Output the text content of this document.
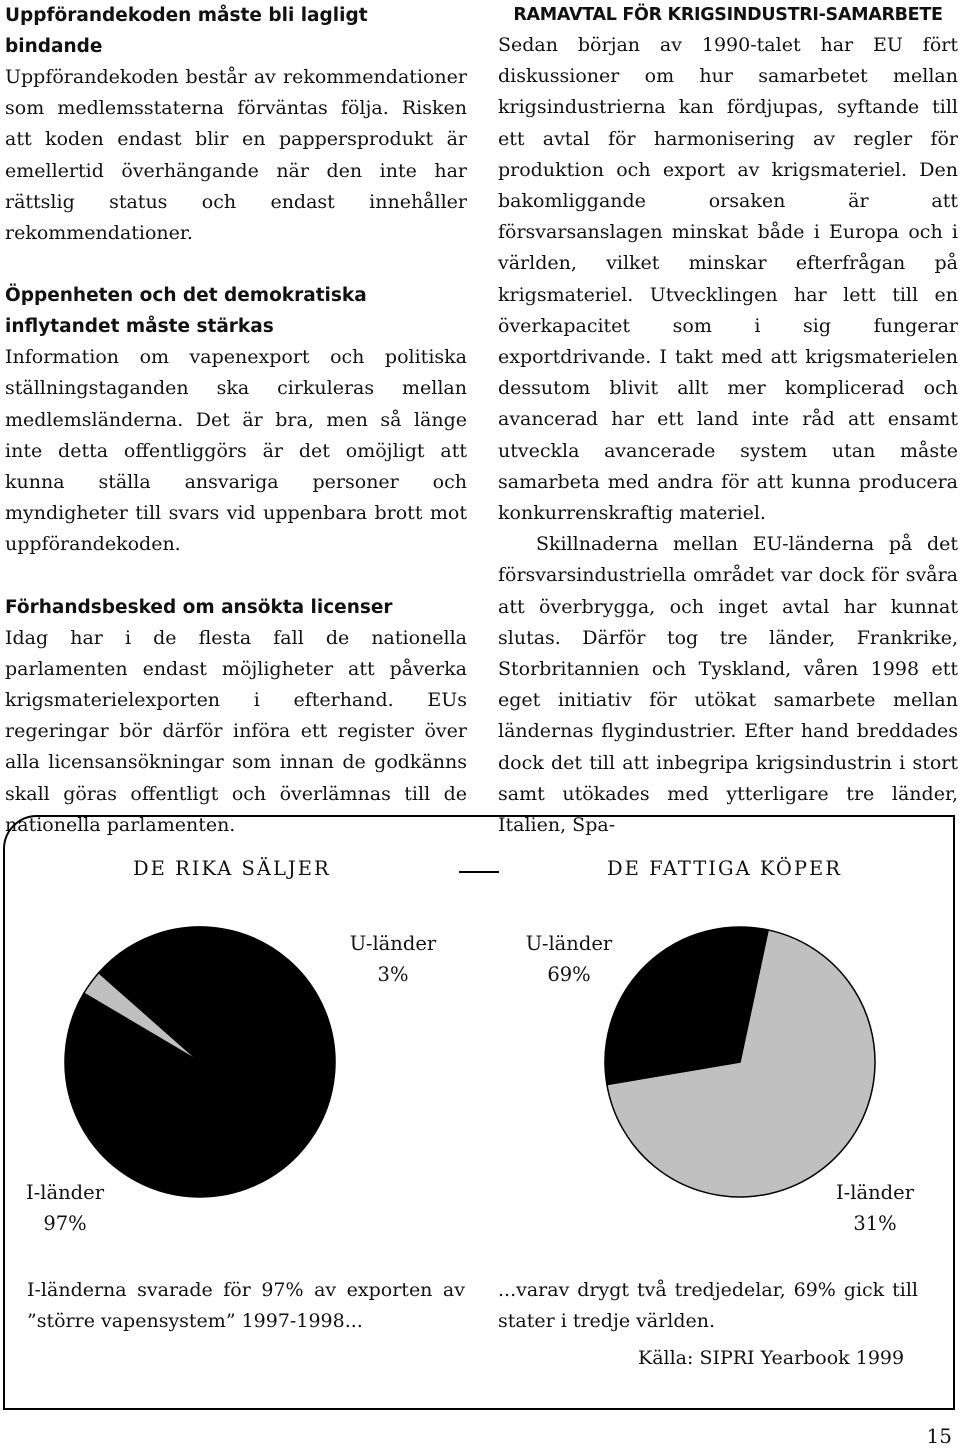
Uppförandekoden måste bli lagligt bindande

Uppförandekoden består av rekommendationer som medlemsstaterna förväntas följa. Risken att koden endast blir en pappersprodukt är emellertid överhängande när den inte har rättslig status och endast innehåller rekommendationer.

Öppenheten och det demokratiska inflytandet måste stärkas

Information om vapenexport och politiska ställningstaganden ska cirkuleras mellan medlemsländerna. Det är bra, men så länge inte detta offentliggörs är det omöjligt att kunna ställa ansvariga personer och myndigheter till svars vid uppenbara brott mot uppförandekoden.

Förhandsbesked om ansökta licenser

Idag har i de flesta fall de nationella parlamenten endast möjligheter att påverka krigsmaterielexporten i efterhand. EUs regeringar bör därför införa ett register över alla licensansökningar som innan de godkänns skall göras offentligt och överlämnas till de nationella parlamenten.

RAMAVTAL FÖR KRIGSINDUSTRI-SAMARBETE

Sedan början av 1990-talet har EU fört diskussioner om hur samarbetet mellan krigsindustrierna kan fördjupas, syftande till ett avtal för harmonisering av regler för produktion och export av krigsmateriel. Den bakomliggande orsaken är att försvarsanslagen minskat både i Europa och i världen, vilket minskar efterfrågan på krigsmateriel. Utvecklingen har lett till en överkapacitet som i sig fungerar exportdrivande. I takt med att krigsmaterielen dessutom blivit allt mer komplicerad och avancerad har ett land inte råd att ensamt utveckla avancerade system utan måste samarbeta med andra för att kunna producera konkurrenskraftig materiel.

Skillnaderna mellan EU-länderna på det försvarsindustriella området var dock för svåra att överbrygga, och inget avtal har kunnat slutas. Därför tog tre länder, Frankrike, Storbritannien och Tyskland, våren 1998 ett eget initiativ för utökat samarbete mellan ländernas flygindustrier. Efter hand breddades dock det till att inbegripa krigsindustrin i stort samt utökades med ytterligare tre länder, Italien, Spa-

DE RIKA SÄLJER	DE FATTIGA KÖPER
U-länder
3%
I-länder
97%
U-länder
69%
I-länder
31%
I-länderna svarade för 97% av exporten av ”större vapensystem” 1997-1998...
...varav drygt två tredjedelar, 69% gick till stater i tredje världen.
Källa: SIPRI Yearbook 1999
15
